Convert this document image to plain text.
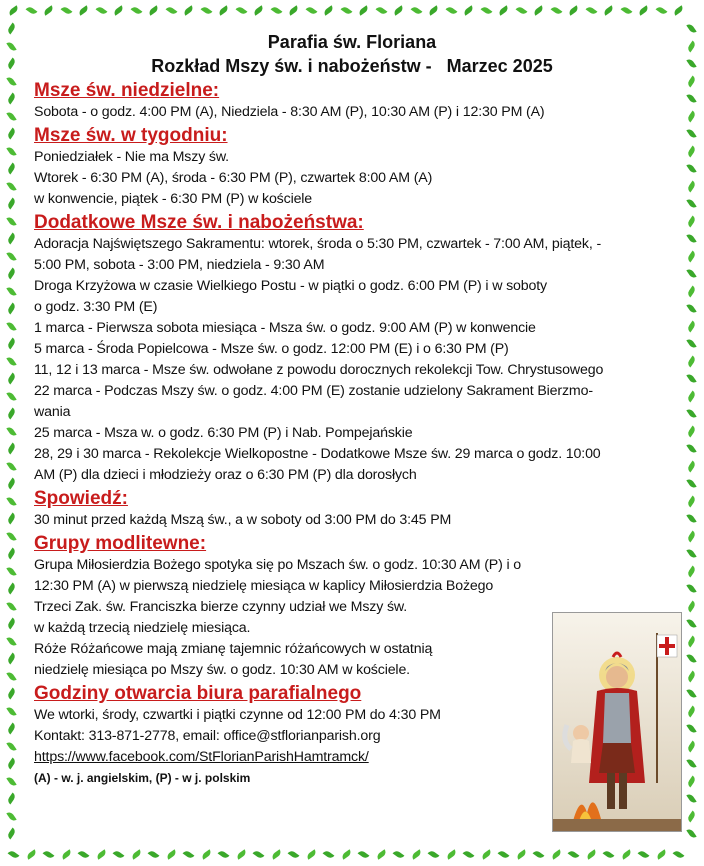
Parafia św. Floriana
Rozkład Mszy św. i nabożeństw -   Marzec 2025
Msze św. niedzielne:
Sobota - o godz. 4:00 PM (A), Niedziela - 8:30 AM (P), 10:30 AM (P) i 12:30 PM (A)
Msze św. w tygodniu:
Poniedziałek - Nie ma Mszy św.
Wtorek - 6:30 PM (A), środa - 6:30 PM (P), czwartek 8:00 AM (A)
w konwencie, piątek - 6:30 PM (P) w kościele
Dodatkowe Msze św. i nabożeństwa:
Adoracja Najświętszego Sakramentu: wtorek, środa o 5:30 PM, czwartek - 7:00 AM, piątek, -
5:00 PM, sobota - 3:00 PM, niedziela - 9:30 AM
Droga Krzyżowa w czasie Wielkiego Postu - w piątki o godz. 6:00 PM (P) i w soboty
o godz. 3:30 PM (E)
1 marca - Pierwsza sobota miesiąca - Msza św. o godz. 9:00 AM (P) w konwencie
5 marca - Środa Popielcowa - Msze św. o godz. 12:00 PM (E) i o 6:30 PM (P)
11, 12 i 13 marca - Msze św. odwołane z powodu dorocznych rekolekcji Tow. Chrystusowego
22 marca - Podczas Mszy św. o godz. 4:00 PM (E) zostanie udzielony Sakrament Bierzmo-
wania
25 marca - Msza w. o godz. 6:30 PM (P) i Nab. Pompejańskie
28, 29 i 30 marca - Rekolekcje Wielkopostne - Dodatkowe Msze św. 29 marca o godz. 10:00
AM (P) dla dzieci i młodzieży oraz o 6:30 PM (P) dla dorosłych
Spowiedź:
30 minut przed każdą Mszą św., a w soboty od 3:00 PM do 3:45 PM
Grupy modlitewne:
Grupa Miłosierdzia Bożego spotyka się po Mszach św. o godz. 10:30 AM (P) i o
12:30 PM (A) w pierwszą niedzielę miesiąca w kaplicy Miłosierdzia Bożego
Trzeci Zak. św. Franciszka bierze czynny udział we Mszy św.
w każdą trzecią niedzielę miesiąca.
Róże Różańcowe mają zmianę tajemnic różańcowych w ostatnią
niedzielę miesiąca po Mszy św. o godz. 10:30 AM w kościele.
Godziny otwarcia biura parafialnego
We wtorki, środy, czwartki i piątki czynne od 12:00 PM do 4:30 PM
Kontakt: 313-871-2778, email: office@stflorianparish.org
https://www.facebook.com/StFlorianParishHamtramck/
(A) - w. j. angielskim, (P) - w j. polskim
